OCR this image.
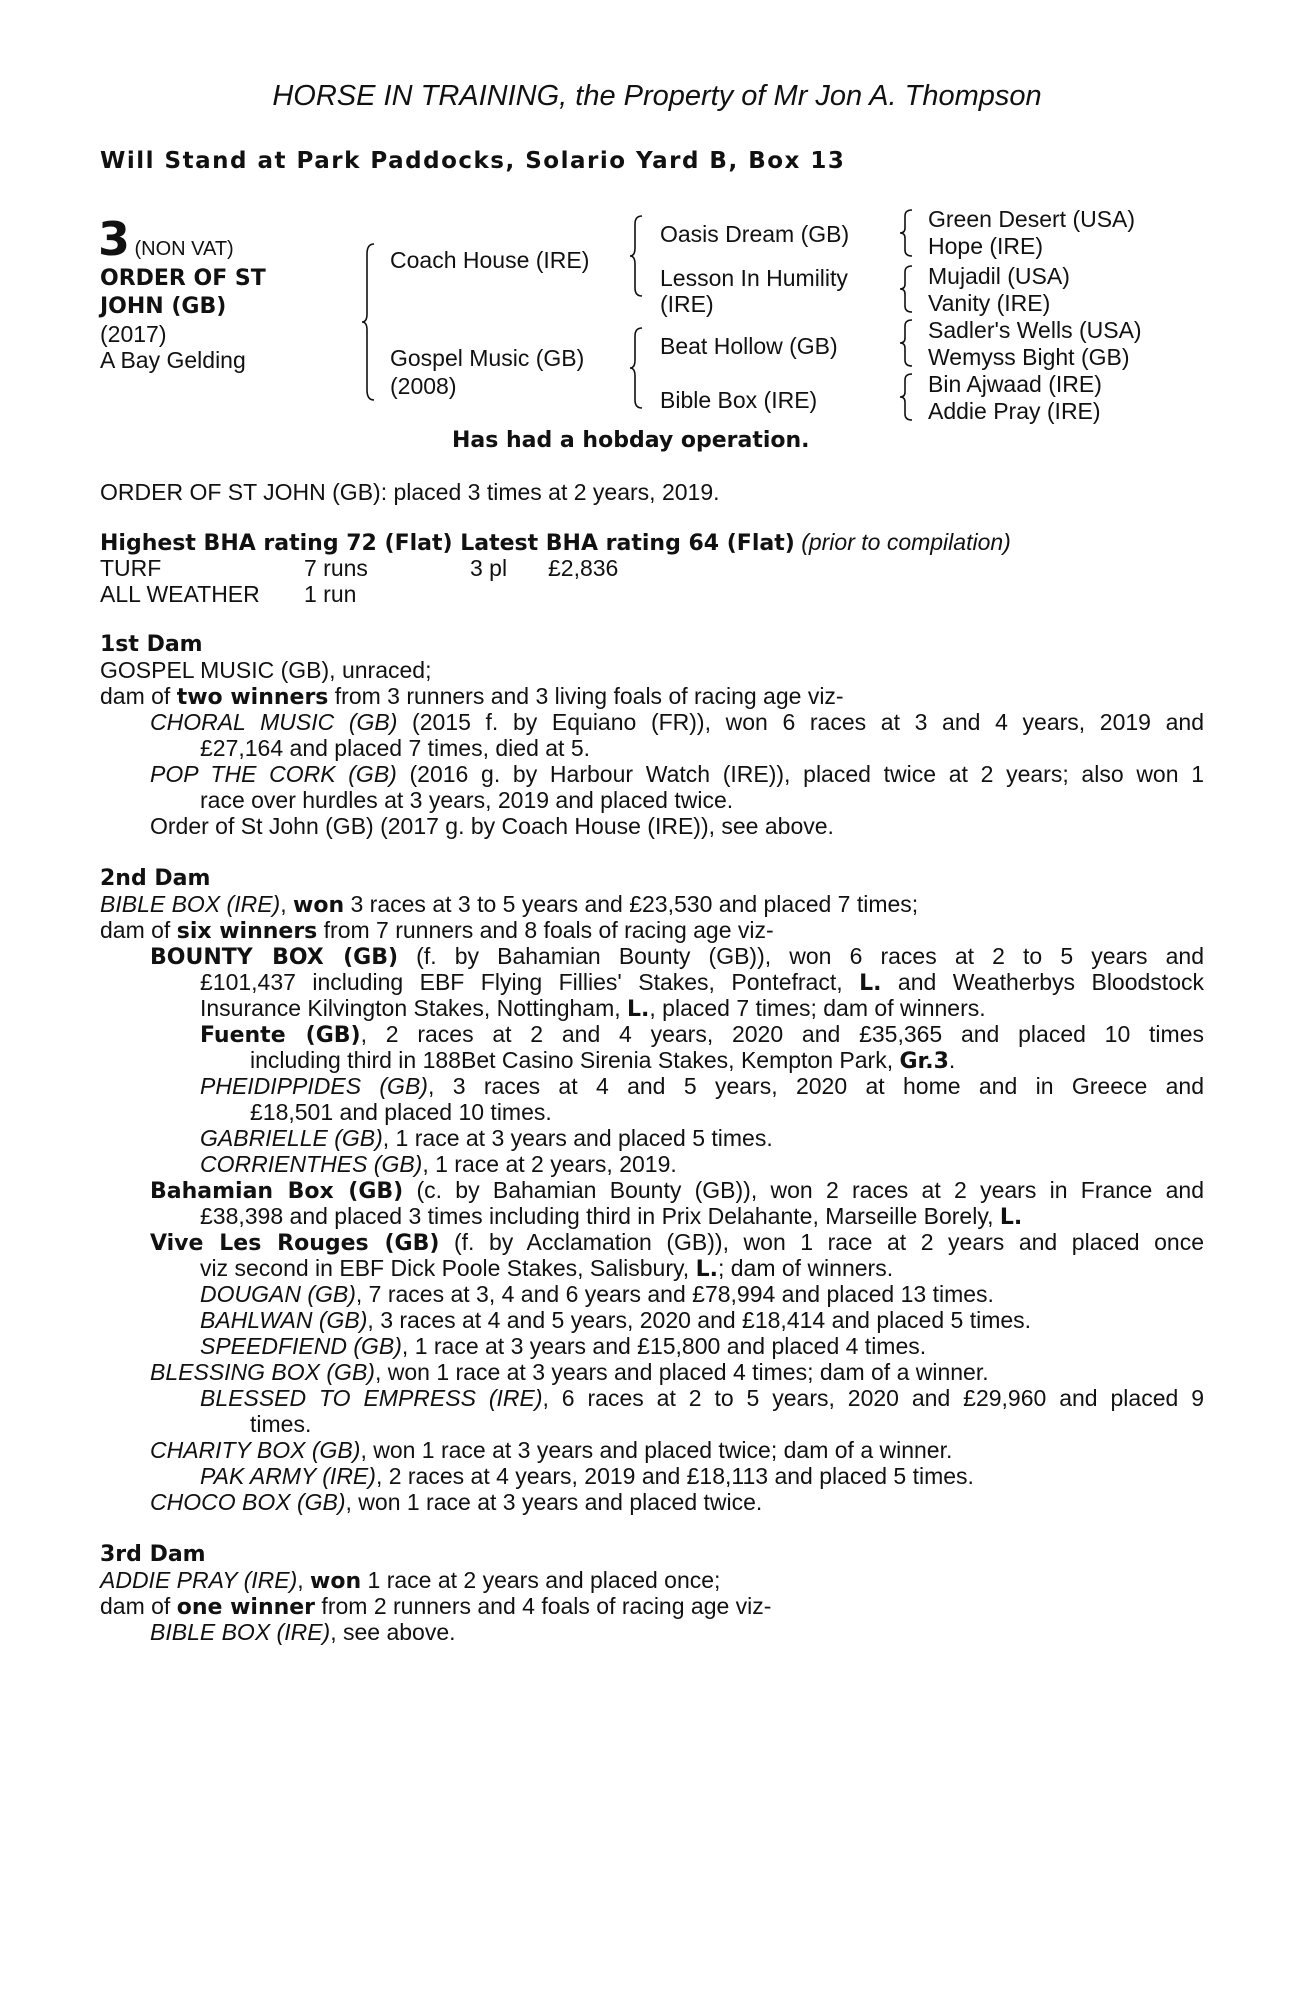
HORSE IN TRAINING, the Property of Mr Jon A. Thompson
Will Stand at Park Paddocks, Solario Yard B, Box 13
3 (NON VAT)
ORDER OF ST
JOHN (GB)
(2017)
A Bay Gelding
Coach House (IRE)
Gospel Music (GB)
(2008)
Oasis Dream (GB)
Lesson In Humility
(IRE)
Beat Hollow (GB)
Bible Box (IRE)
Green Desert (USA)
Hope (IRE)
Mujadil (USA)
Vanity (IRE)
Sadler's Wells (USA)
Wemyss Bight (GB)
Bin Ajwaad (IRE)
Addie Pray (IRE)
Has had a hobday operation.
ORDER OF ST JOHN (GB): placed 3 times at 2 years, 2019.
Highest BHA rating 72 (Flat) Latest BHA rating 64 (Flat) (prior to compilation)
TURF	7 runs	3 pl £2,836
ALL WEATHER 1 run
1st Dam
GOSPEL MUSIC (GB), unraced;
dam of two winners from 3 runners and 3 living foals of racing age viz-
CHORAL MUSIC (GB) (2015 f. by Equiano (FR)), won 6 races at 3 and 4 years, 2019 and
£27,164 and placed 7 times, died at 5.
POP THE CORK (GB) (2016 g. by Harbour Watch (IRE)), placed twice at 2 years; also won 1
race over hurdles at 3 years, 2019 and placed twice.
Order of St John (GB) (2017 g. by Coach House (IRE)), see above.
2nd Dam
BIBLE BOX (IRE), won 3 races at 3 to 5 years and £23,530 and placed 7 times;
dam of six winners from 7 runners and 8 foals of racing age viz-
BOUNTY BOX (GB) (f. by Bahamian Bounty (GB)), won 6 races at 2 to 5 years and
£101,437 including EBF Flying Fillies' Stakes, Pontefract, L. and Weatherbys Bloodstock
Insurance Kilvington Stakes, Nottingham, L., placed 7 times; dam of winners.
Fuente (GB), 2 races at 2 and 4 years, 2020 and £35,365 and placed 10 times
including third in 188Bet Casino Sirenia Stakes, Kempton Park, Gr.3.
PHEIDIPPIDES (GB), 3 races at 4 and 5 years, 2020 at home and in Greece and
£18,501 and placed 10 times.
GABRIELLE (GB), 1 race at 3 years and placed 5 times.
CORRIENTHES (GB), 1 race at 2 years, 2019.
Bahamian Box (GB) (c. by Bahamian Bounty (GB)), won 2 races at 2 years in France and
£38,398 and placed 3 times including third in Prix Delahante, Marseille Borely, L.
Vive Les Rouges (GB) (f. by Acclamation (GB)), won 1 race at 2 years and placed once
viz second in EBF Dick Poole Stakes, Salisbury, L.; dam of winners.
DOUGAN (GB), 7 races at 3, 4 and 6 years and £78,994 and placed 13 times.
BAHLWAN (GB), 3 races at 4 and 5 years, 2020 and £18,414 and placed 5 times.
SPEEDFIEND (GB), 1 race at 3 years and £15,800 and placed 4 times.
BLESSING BOX (GB), won 1 race at 3 years and placed 4 times; dam of a winner.
BLESSED TO EMPRESS (IRE), 6 races at 2 to 5 years, 2020 and £29,960 and placed 9
times.
CHARITY BOX (GB), won 1 race at 3 years and placed twice; dam of a winner.
PAK ARMY (IRE), 2 races at 4 years, 2019 and £18,113 and placed 5 times.
CHOCO BOX (GB), won 1 race at 3 years and placed twice.
3rd Dam
ADDIE PRAY (IRE), won 1 race at 2 years and placed once;
dam of one winner from 2 runners and 4 foals of racing age viz-
BIBLE BOX (IRE), see above.
